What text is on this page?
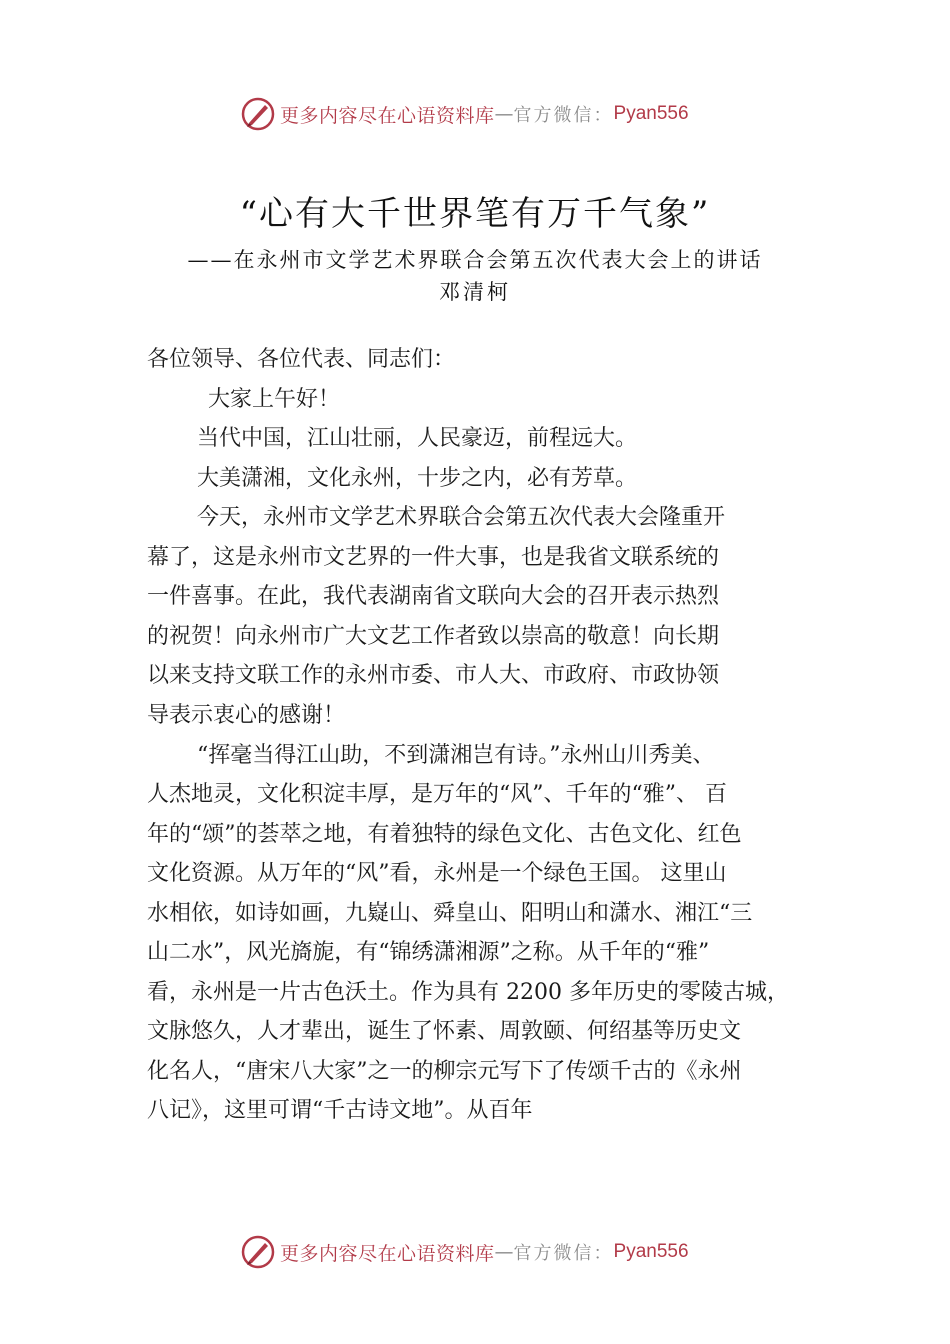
更多内容尽在心语资料库 — 官方微信： Pyan556
“心有大千世界笔有万千气象”
——在永州市文学艺术界联合会第五次代表大会上的讲话
邓清柯
各位领导、各位代表、同志们：
大家上午好！
当代中国，江山壮丽，人民豪迈，前程远大。
大美潇湘，文化永州，十步之内，必有芳草。
今天，永州市文学艺术界联合会第五次代表大会隆重开
幕了，这是永州市文艺界的一件大事，也是我省文联系统的
一件喜事。在此，我代表湖南省文联向大会的召开表示热烈
的祝贺！向永州市广大文艺工作者致以崇高的敬意！向长期
以来支持文联工作的永州市委、市人大、市政府、市政协领
导表示衷心的感谢！
“挥毫当得江山助，不到潇湘岂有诗。”永州山川秀美、
人杰地灵，文化积淀丰厚，是万年的“风”、千年的“雅”、 百
年的“颂”的荟萃之地，有着独特的绿色文化、古色文化、红色
文化资源。从万年的“风”看，永州是一个绿色王国。 这里山
水相依，如诗如画，九嶷山、舜皇山、阳明山和潇水、湘江“三
山二水”，风光旖旎，有“锦绣潇湘源”之称。从千年的“雅”
看，永州是一片古色沃土。作为具有 2200 多年历史的零陵古城，
文脉悠久，人才辈出，诞生了怀素、周敦颐、何绍基等历史文
化名人，“唐宋八大家”之一的柳宗元写下了传颂千古的《永州
八记》，这里可谓“千古诗文地”。从百年
更多内容尽在心语资料库 — 官方微信： Pyan556
